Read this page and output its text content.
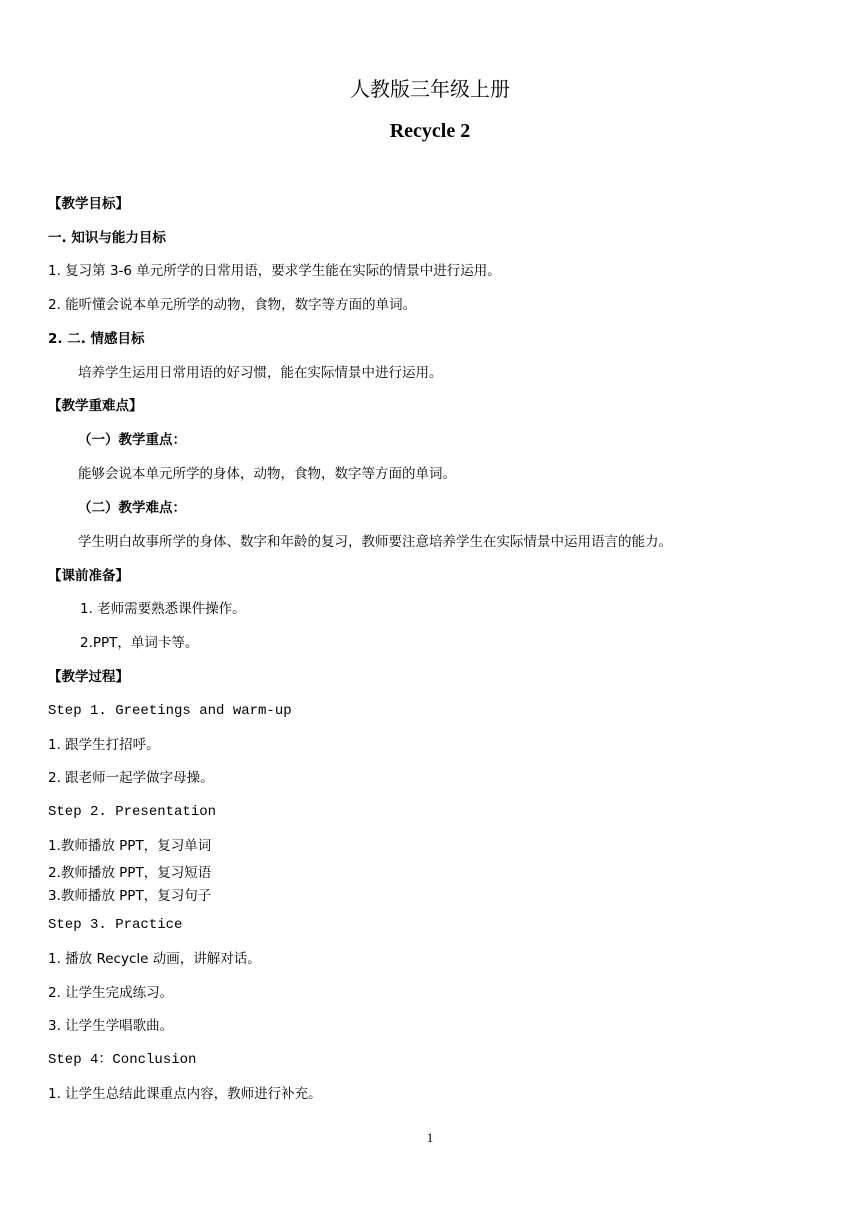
人教版三年级上册
Recycle 2
【教学目标】
一. 知识与能力目标
1. 复习第 3-6 单元所学的日常用语，要求学生能在实际的情景中进行运用。
2. 能听懂会说本单元所学的动物，食物，数字等方面的单词。
2. 二. 情感目标
培养学生运用日常用语的好习惯，能在实际情景中进行运用。
【教学重难点】
（一）教学重点：
能够会说本单元所学的身体，动物，食物，数字等方面的单词。
（二）教学难点：
学生明白故事所学的身体、数字和年龄的复习，教师要注意培养学生在实际情景中运用语言的能力。
【课前准备】
1. 老师需要熟悉课件操作。
2.PPT，单词卡等。
【教学过程】
Step 1. Greetings and warm-up
1. 跟学生打招呼。
2. 跟老师一起学做字母操。
Step 2. Presentation
1.教师播放 PPT，复习单词
2.教师播放 PPT，复习短语
3.教师播放 PPT，复习句子
Step 3. Practice
1. 播放 Recycle 动画，讲解对话。
2. 让学生完成练习。
3. 让学生学唱歌曲。
Step 4：Conclusion
1. 让学生总结此课重点内容，教师进行补充。
1
